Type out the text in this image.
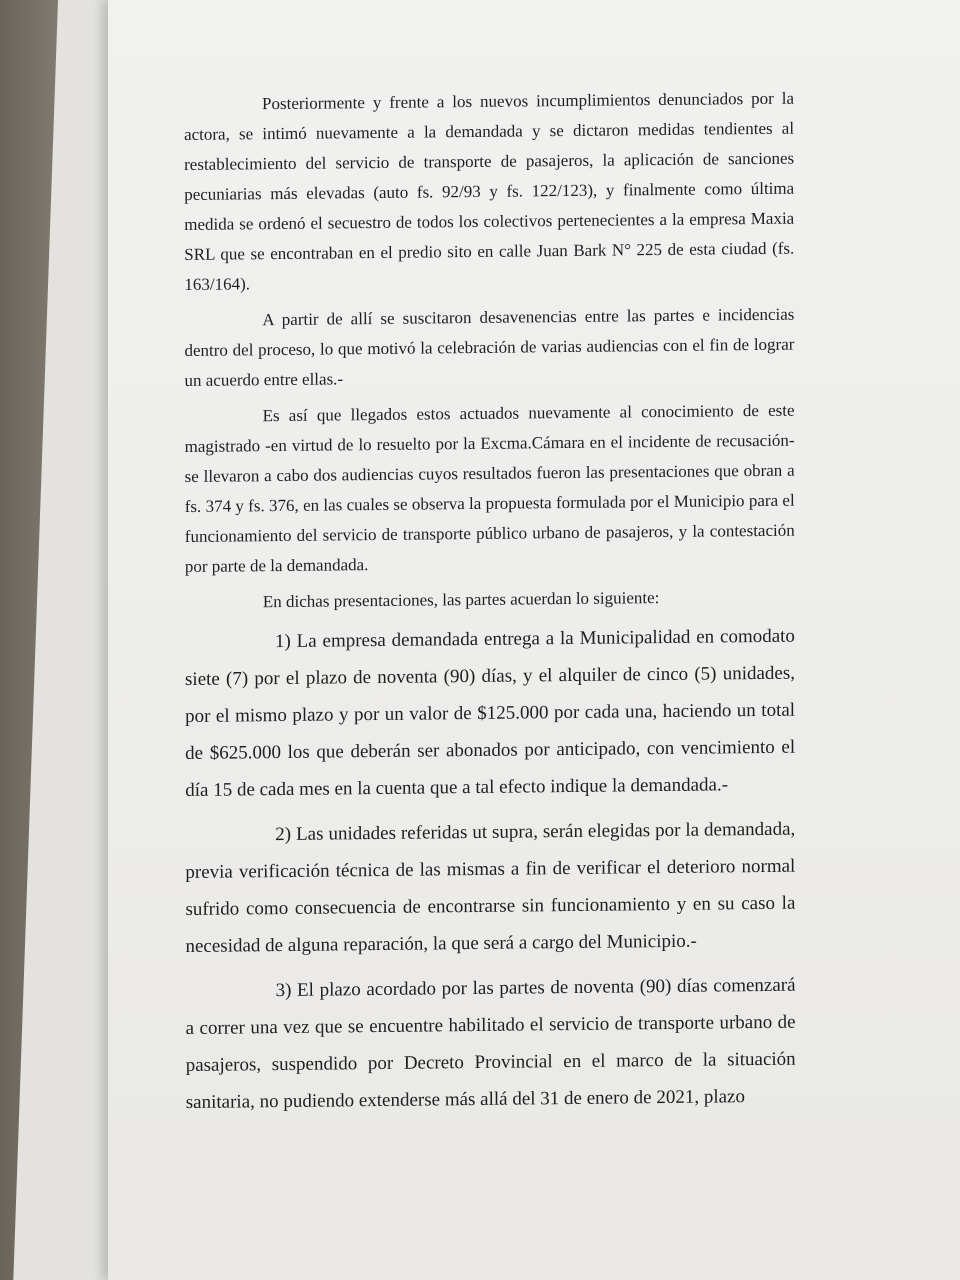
Posteriormente y frente a los nuevos incumplimientos denunciados por la actora, se intimó nuevamente a la demandada y se dictaron medidas tendientes al restablecimiento del servicio de transporte de pasajeros, la aplicación de sanciones pecuniarias más elevadas (auto fs. 92/93 y fs. 122/123), y finalmente como última medida se ordenó el secuestro de todos los colectivos pertenecientes a la empresa Maxia SRL que se encontraban en el predio sito en calle Juan Bark N° 225 de esta ciudad (fs. 163/164).

A partir de allí se suscitaron desavenencias entre las partes e incidencias dentro del proceso, lo que motivó la celebración de varias audiencias con el fin de lograr un acuerdo entre ellas.-

Es así que llegados estos actuados nuevamente al conocimiento de este magistrado -en virtud de lo resuelto por la Excma.Cámara en el incidente de recusación- se llevaron a cabo dos audiencias cuyos resultados fueron las presentaciones que obran a fs. 374 y fs. 376, en las cuales se observa la propuesta formulada por el Municipio para el funcionamiento del servicio de transporte público urbano de pasajeros, y la contestación por parte de la demandada.

En dichas presentaciones, las partes acuerdan lo siguiente:

1) La empresa demandada entrega a la Municipalidad en comodato siete (7) por el plazo de noventa (90) días, y el alquiler de cinco (5) unidades, por el mismo plazo y por un valor de $125.000 por cada una, haciendo un total de $625.000 los que deberán ser abonados por anticipado, con vencimiento el día 15 de cada mes en la cuenta que a tal efecto indique la demandada.-

2) Las unidades referidas ut supra, serán elegidas por la demandada, previa verificación técnica de las mismas a fin de verificar el deterioro normal sufrido como consecuencia de encontrarse sin funcionamiento y en su caso la necesidad de alguna reparación, la que será a cargo del Municipio.-

3) El plazo acordado por las partes de noventa (90) días comenzará a correr una vez que se encuentre habilitado el servicio de transporte urbano de pasajeros, suspendido por Decreto Provincial en el marco de la situación sanitaria, no pudiendo extenderse más allá del 31 de enero de 2021, plazo
